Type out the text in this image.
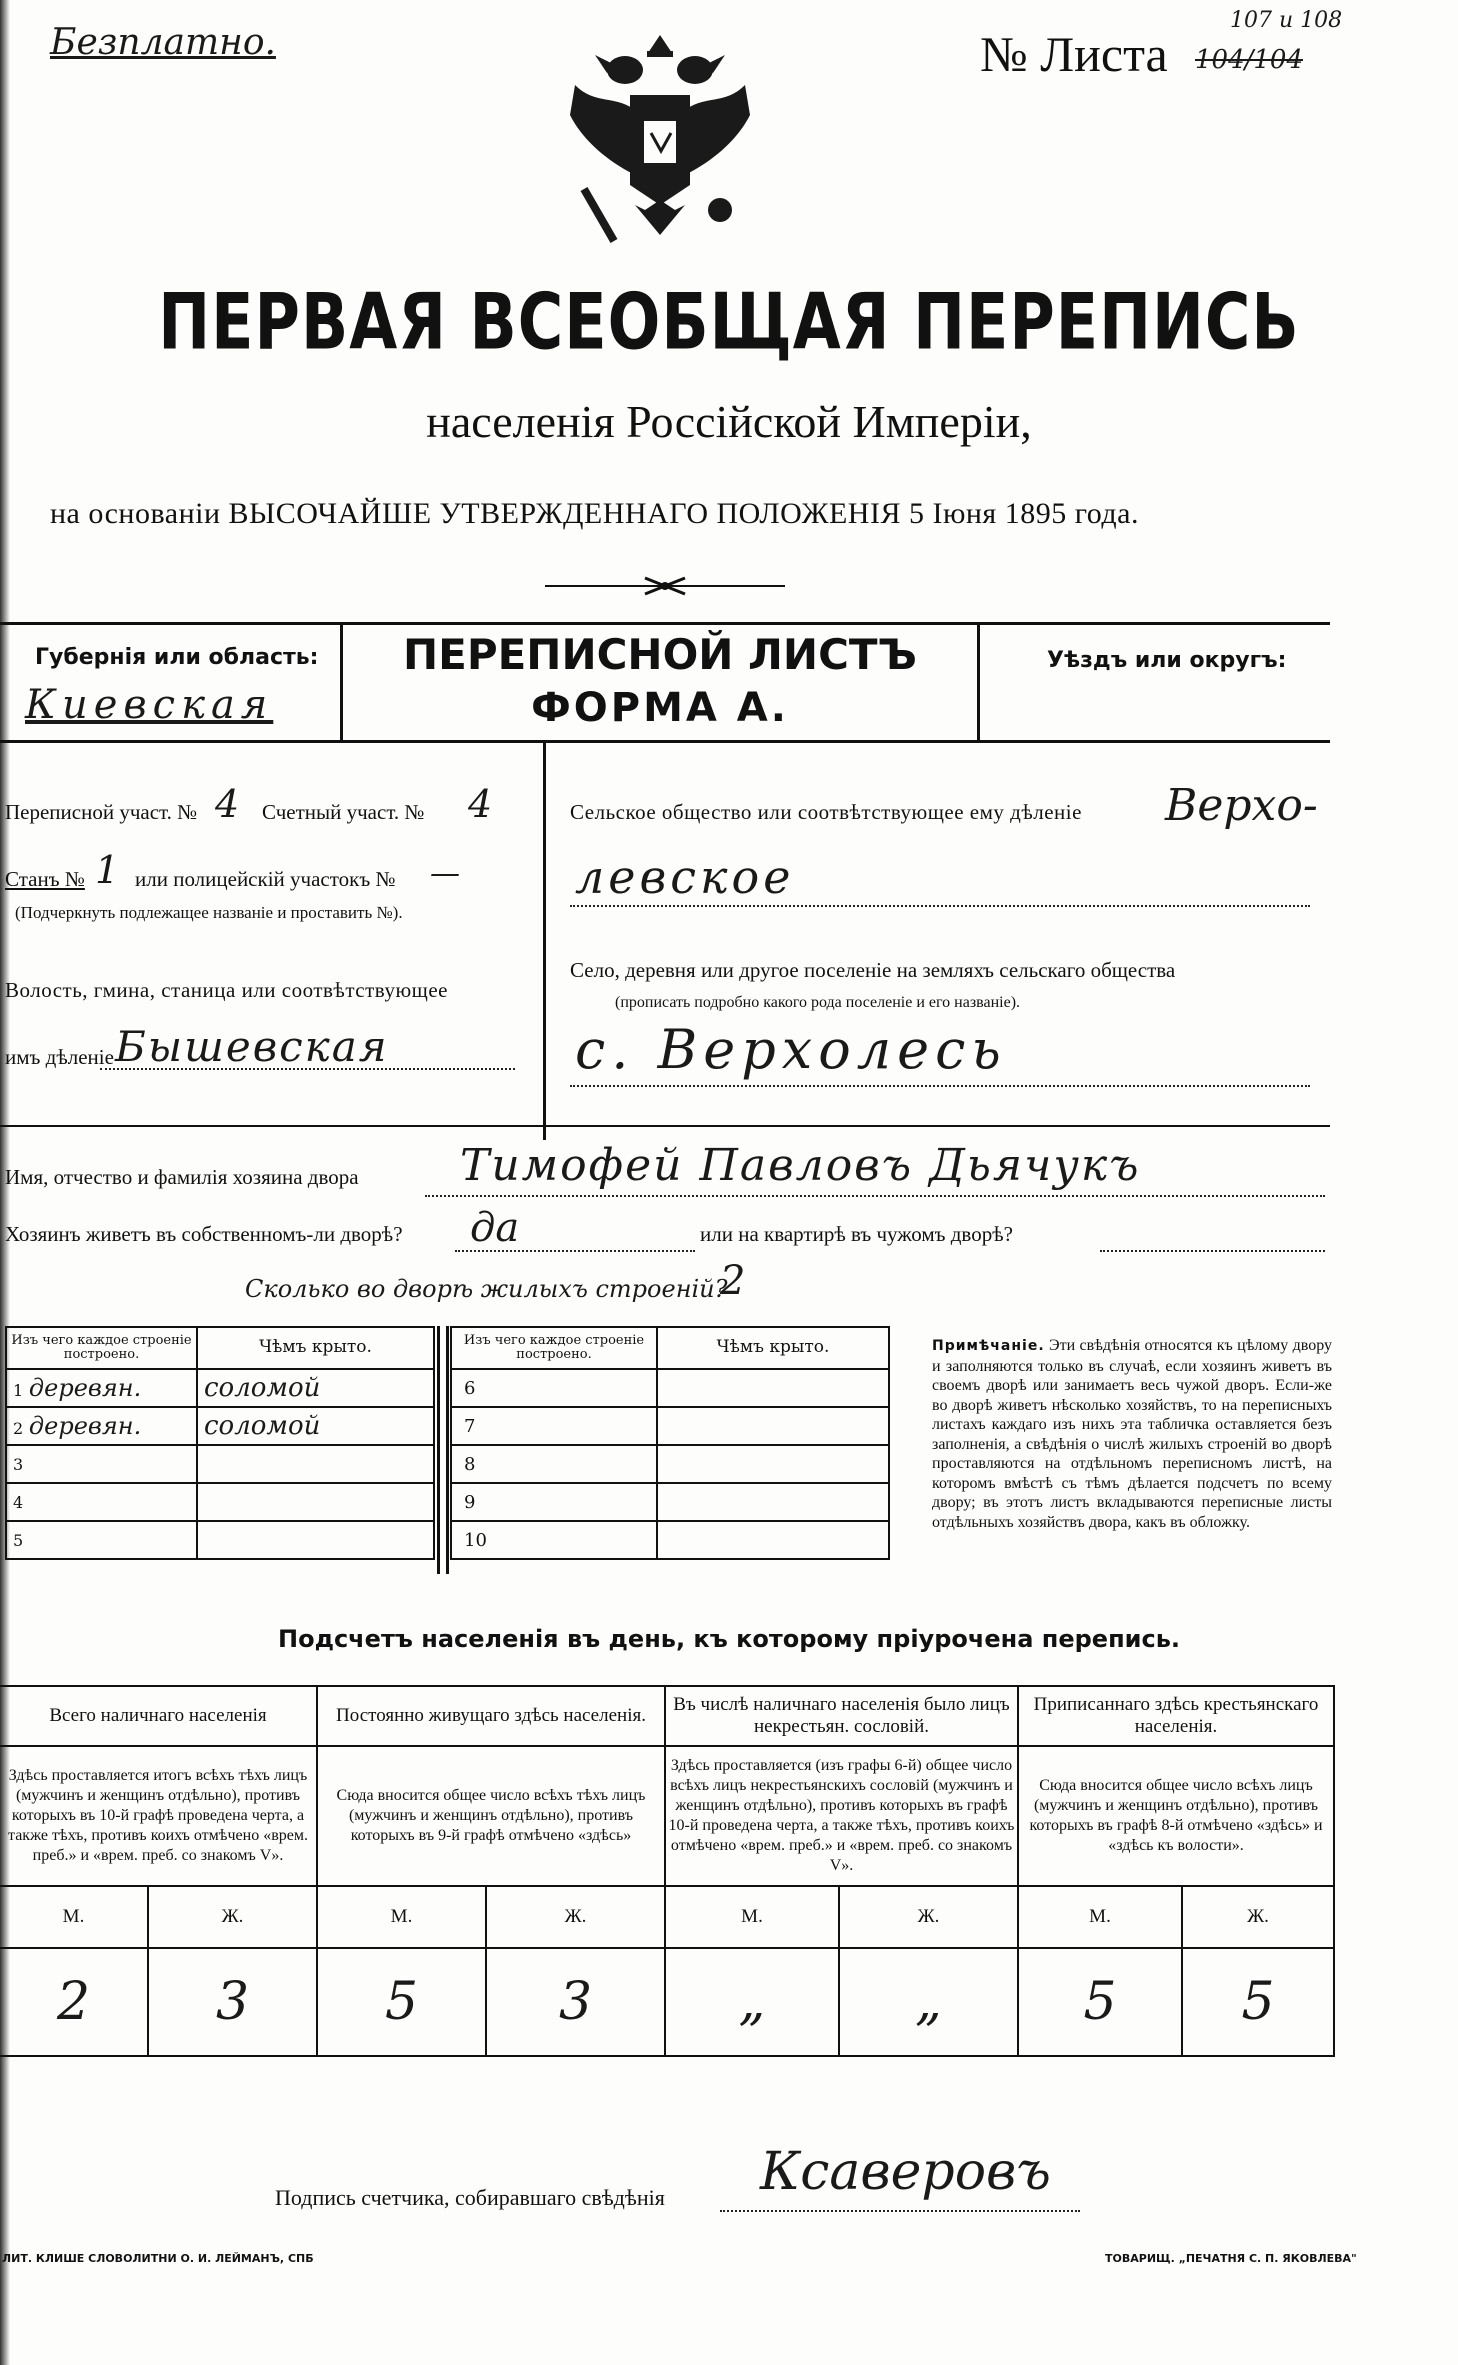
Безплатно.	№ Листа 104/104
107 и 108
ПЕРВАЯ ВСЕОБЩАЯ ПЕРЕПИСЬ
населенія Россійской Имперіи,
на основаніи ВЫСОЧАЙШЕ УТВЕРЖДЕННАГО ПОЛОЖЕНІЯ 5 Іюня 1895 года.
Губернія или область:
Киевская
ПЕРЕПИСНОЙ ЛИСТЪ
ФОРМА А.
Уѣздъ или округъ:
Переписной участ. № 4 Счетный участ. № 4
Станъ № 1 или полицейскій участокъ № —
(Подчеркнуть подлежащее названіе и проставить №).
Волость, гмина, станица или соотвѣтствующее
имъ дѣленіе Бышевская
Сельское общество или соотвѣтствующее ему дѣленіе Верхо-
левское
Село, деревня или другое поселеніе на земляхъ сельскаго общества
(прописать подробно какого рода поселеніе и его названіе).
с. Верхолесь
Имя, отчество и фамилія хозяина двора Тимофей Павловъ Дьячукъ
Хозяинъ живетъ въ собственномъ-ли дворѣ? да	или на квартирѣ въ чужомъ дворѣ?
Сколько во дворѣ жилыхъ строеній?
2
Изъ чего каждое строеніе построено.	Чѣмъ крыто.
1 деревян.	соломой
2 деревян.	соломой
3	
4	
5	
Изъ чего каждое строеніе построено.	Чѣмъ крыто.
6	
7	
8	
9	
10	
Примѣчаніе. Эти свѣдѣнія относятся къ цѣлому двору и заполняются только въ случаѣ, если хозяинъ живетъ въ своемъ дворѣ или занимаетъ весь чужой дворъ. Если-же во дворѣ живетъ нѣсколько хозяйствъ, то на переписныхъ листахъ каждаго изъ нихъ эта табличка оставляется безъ заполненія, а свѣдѣнія о числѣ жилыхъ строеній во дворѣ проставляются на отдѣльномъ переписномъ листѣ, на которомъ вмѣстѣ съ тѣмъ дѣлается подсчетъ по всему двору; въ этотъ листъ вкладываются переписные листы отдѣльныхъ хозяйствъ двора, какъ въ обложку.
Подсчетъ населенія въ день, къ которому пріурочена перепись.
Всего наличнаго населенія		Постоянно живущаго здѣсь населенія.		Въ числѣ наличнаго населенія было лицъ некрестьян. сословій.		Приписаннаго здѣсь крестьянскаго населенія.	
Здѣсь проставляется итогъ всѣхъ тѣхъ лицъ (мужчинъ и женщинъ отдѣльно), противъ которыхъ въ 10-й графѣ проведена черта, а также тѣхъ, противъ коихъ отмѣчено «врем. преб.» и «врем. преб. со знакомъ V».		Сюда вносится общее число всѣхъ тѣхъ лицъ (мужчинъ и женщинъ отдѣльно), противъ которыхъ въ 9-й графѣ отмѣчено «здѣсь»		Здѣсь проставляется (изъ графы 6-й) общее число всѣхъ лицъ некрестьянскихъ сословій (мужчинъ и женщинъ отдѣльно), противъ которыхъ въ графѣ 10-й проведена черта, а также тѣхъ, противъ коихъ отмѣчено «врем. преб.» и «врем. преб. со знакомъ V».		Сюда вносится общее число всѣхъ лицъ (мужчинъ и женщинъ отдѣльно), противъ которыхъ въ графѣ 8-й отмѣчено «здѣсь» и «здѣсь къ волости».	
М.	Ж.	М.	Ж.	М.	Ж.	М.	Ж.
2	3	5	3	„	„	5	5
Подпись счетчика, собиравшаго свѣдѣнія Ксаверовъ
ЛИТ. КЛИШЕ СЛОВОЛИТНИ О. И. ЛЕЙМАНЪ, СПБ	ТОВАРИЩ. „ПЕЧАТНЯ С. П. ЯКОВЛЕВА"
